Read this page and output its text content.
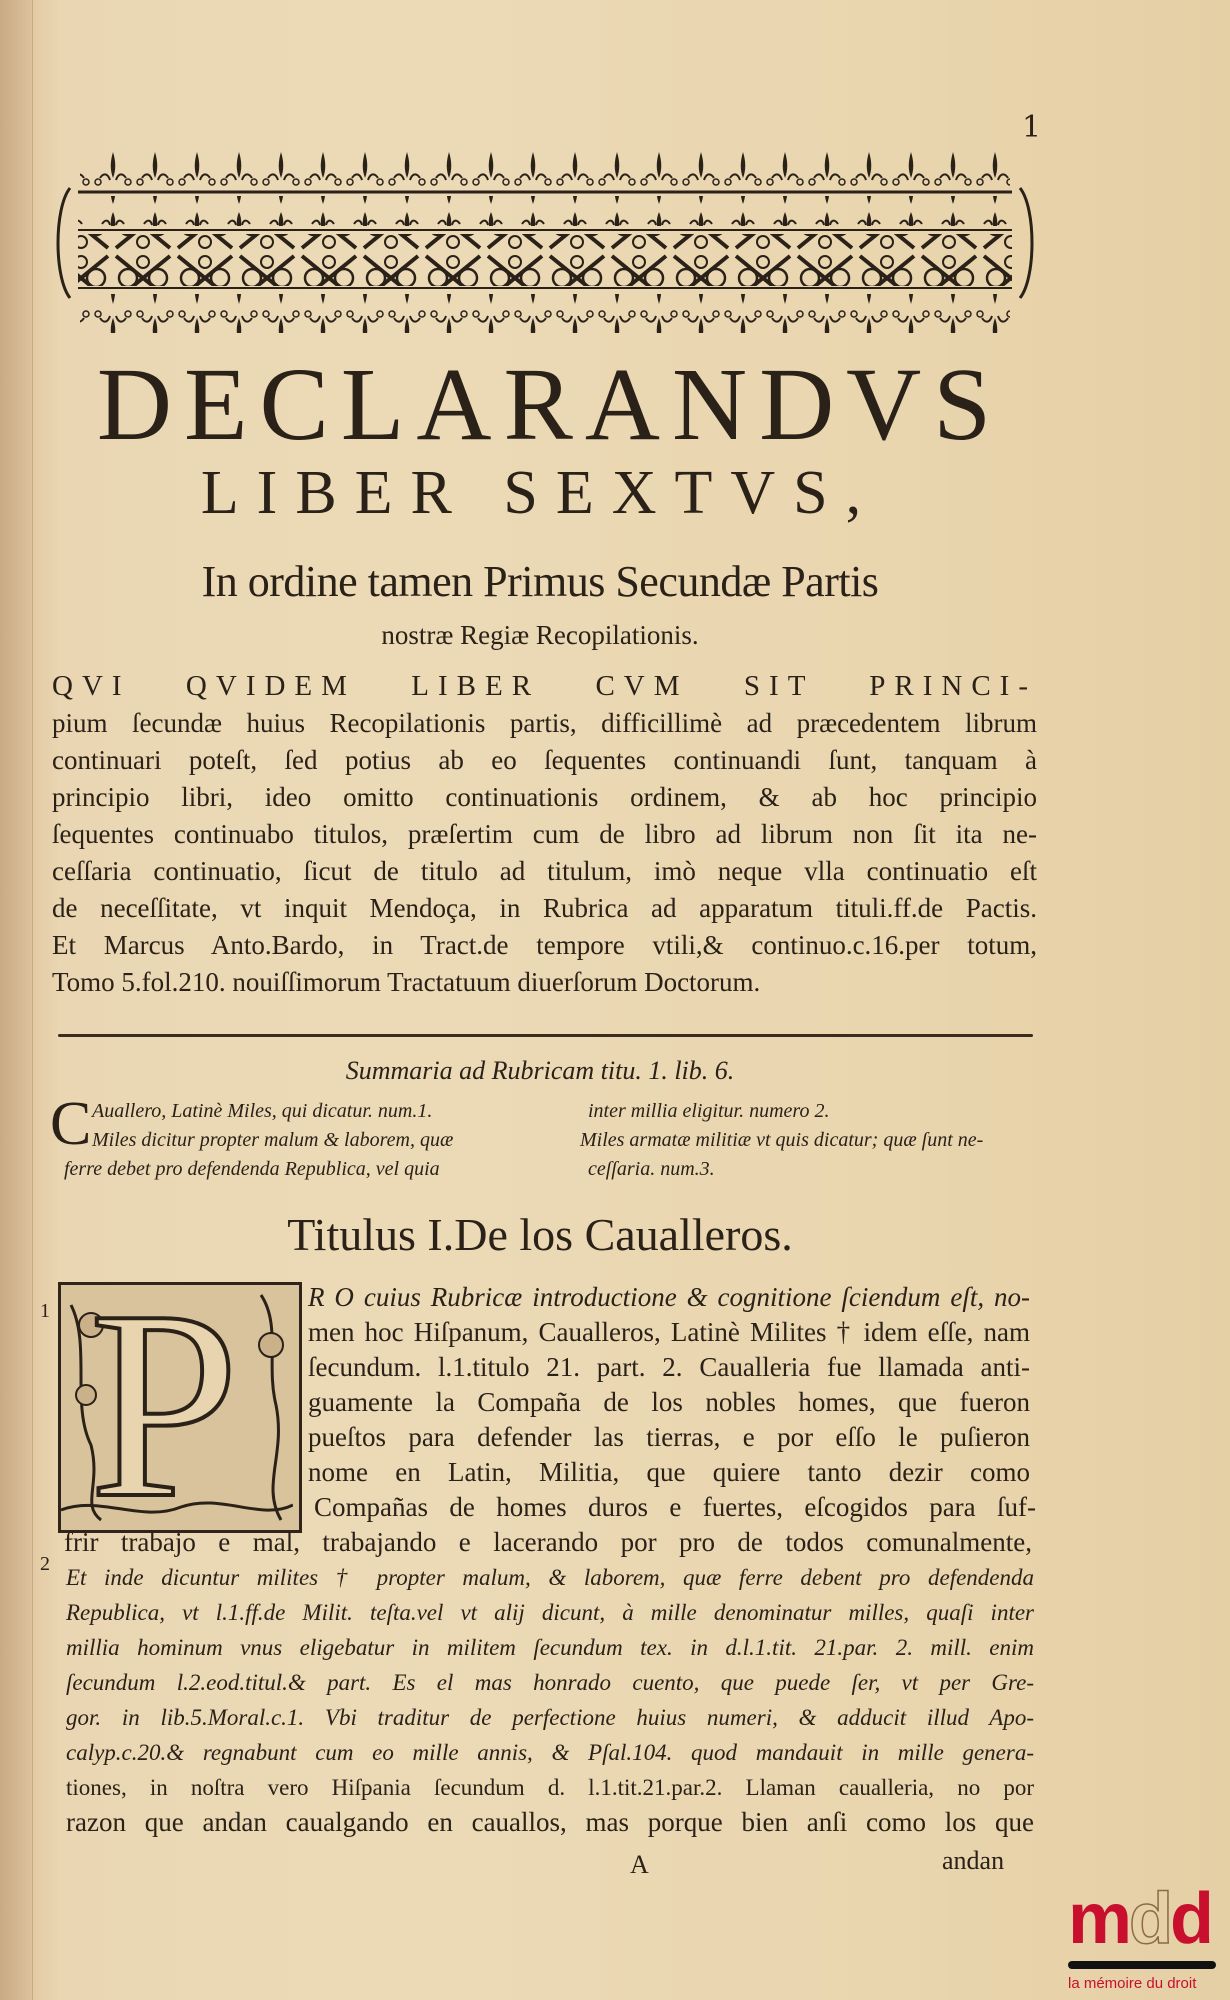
1
DECLARANDVS
LIBER SEXTVS,
In ordine tamen Primus Secundæ Partis
nostræ Regiæ Recopilationis.
QVI QVIDEM LIBER CVM SIT PRINCI-
pium ſecundæ huius Recopilationis partis, difficillimè ad præcedentem librum
continuari poteſt, ſed potius ab eo ſequentes continuandi ſunt, tanquam à
principio libri, ideo omitto continuationis ordinem, & ab hoc principio
ſequentes continuabo titulos, præſertim cum de libro ad librum non ſit ita ne-
ceſſaria continuatio, ſicut de titulo ad titulum, imò neque vlla continuatio eſt
de neceſſitate, vt inquit Mendoça, in Rubrica ad apparatum tituli.ff.de Pactis.
Et Marcus Anto.Bardo, in Tract.de tempore vtili,& continuo.c.16.per totum,
Tomo 5.fol.210. nouiſſimorum Tractatuum diuerſorum Doctorum.
Summaria ad Rubricam titu. 1. lib. 6.
C Auallero, Latinè Miles, qui dicatur. num.1.
Miles dicitur propter malum & laborem, quæ
ferre debet pro defendenda Republica, vel quia
inter millia eligitur. numero 2.
Miles armatæ militiæ vt quis dicatur; quæ ſunt ne-
ceſſaria. num.3.
Titulus I.De los Caualleros.
1
2
P	R O cuius Rubricæ introductione & cognitione ſciendum eſt, no-
men hoc Hiſpanum, Caualleros, Latinè Milites † idem eſſe, nam
ſecundum. l.1.titulo 21. part. 2. Caualleria fue llamada anti-
guamente la Compaña de los nobles homes, que fueron
pueſtos para defender las tierras, e por eſſo le puſieron
nome en Latin, Militia, que quiere tanto dezir como
Compañas de homes duros e fuertes, eſcogidos para ſuf-
frir trabajo e mal, trabajando e lacerando por pro de todos comunalmente,
Et inde dicuntur milites † propter malum, & laborem, quæ ferre debent pro defendenda
Republica, vt l.1.ff.de Milit. teſta.vel vt alij dicunt, à mille denominatur milles, quaſi inter
millia hominum vnus eligebatur in militem ſecundum tex. in d.l.1.tit. 21.par. 2. mill. enim
ſecundum l.2.eod.titul.& part. Es el mas honrado cuento, que puede ſer, vt per Gre-
gor. in lib.5.Moral.c.1. Vbi traditur de perfectione huius numeri, & adducit illud Apo-
calyp.c.20.& regnabunt cum eo mille annis, & Pſal.104. quod mandauit in mille genera-
tiones, in noſtra vero Hiſpania ſecundum d. l.1.tit.21.par.2. Llaman caualleria, no por
razon que andan caualgando en cauallos, mas porque bien anſi como los que
A	andan
mdd
la mémoire du droit
